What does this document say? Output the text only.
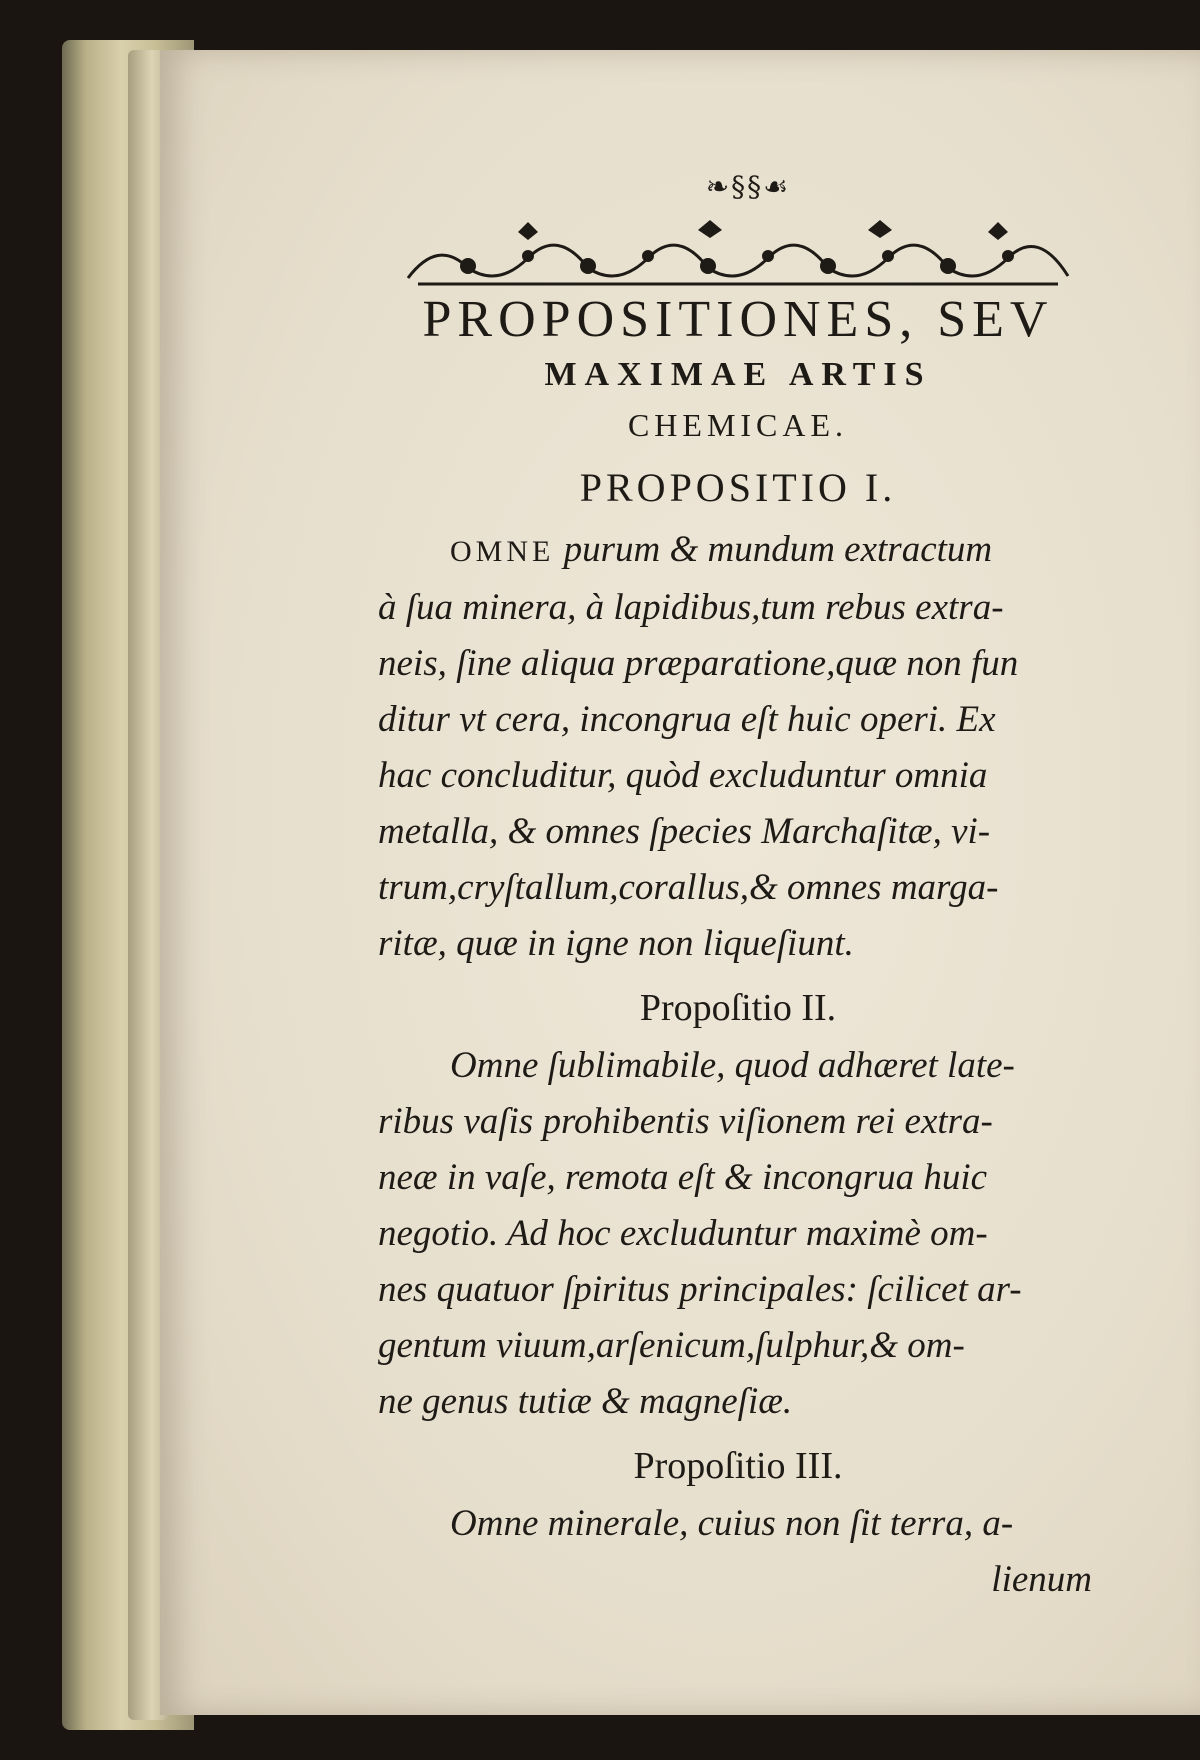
❧§§☙
PROPOSITIONES, SEV
MAXIMAE ARTIS
CHEMICAE.
PROPOSITIO I.
OMNE purum & mundum extractum
à ſua minera, à lapidibus,tum rebus extra-
neis, ſine aliqua præparatione,quæ non fun
ditur vt cera, incongrua eſt huic operi. Ex
hac concluditur, quòd excluduntur omnia
metalla, & omnes ſpecies Marchaſitæ, vi-
trum,cryſtallum,corallus,& omnes marga-
ritæ, quæ in igne non liqueſiunt.
Propoſitio II.
Omne ſublimabile, quod adhæret late-
ribus vaſis prohibentis viſionem rei extra-
neæ in vaſe, remota eſt & incongrua huic
negotio. Ad hoc excluduntur maximè om-
nes quatuor ſpiritus principales: ſcilicet ar-
gentum viuum,arſenicum,ſulphur,& om-
ne genus tutiæ & magneſiæ.
Propoſitio III.
Omne minerale, cuius non ſit terra, a-
lienum
